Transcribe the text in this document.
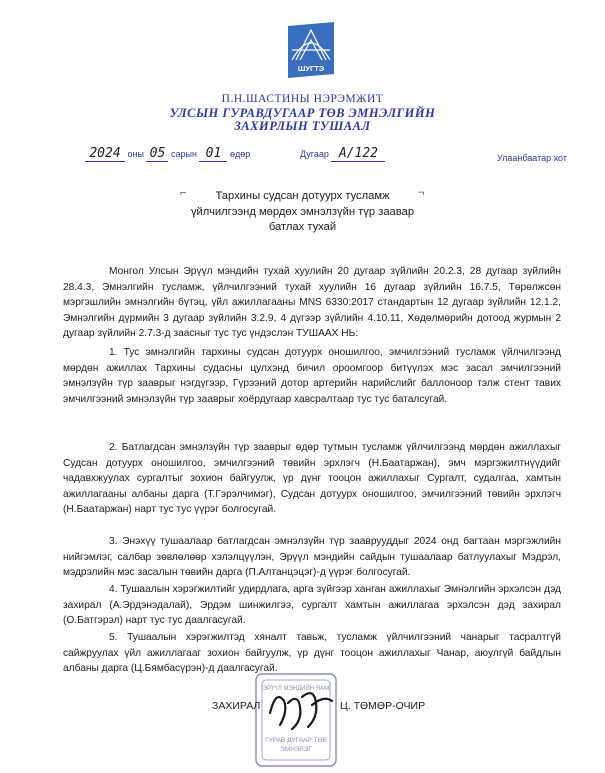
ШУГТЭ
П.Н.ШАСТИНЫ НЭРЭМЖИТ
УЛСЫН ГУРАВДУГААР ТӨВ ЭМНЭЛГИЙН
ЗАХИРЛЫН ТУШААЛ
2024 оны 05 сарын 01 өдөр	Дугаар А/122	Улаанбаатар хот
⌐	¬
Тархины судсан дотуурх тусламж
үйлчилгээнд мөрдөх эмнэлзүйн түр заавар
батлах тухай

Монгол Улсын Эрүүл мэндийн тухай хуулийн 20 дугаар зүйлийн 20.2.3, 28 дугаар зүйлийн 28.4.3, Эмнэлгийн тусламж, үйлчилгээний тухай хуулийн 16 дугаар зүйлийн 16.7.5, Төрөлжсөн мэргэшлийн эмнэлгийн бүтэц, үйл ажиллагааны MNS 6330:2017 стандартын 12 дугаар зүйлийн 12.1.2, Эмнэлгийн дүрмийн 3 дугаар зүйлийн 3.2.9, 4 дүгээр зүйлийн 4.10.11, Хөдөлмөрийн дотоод журмын 2 дугаар зүйлийн 2.7.3-д заасныг тус тус үндэслэн ТУШААХ НЬ:

1. Тус эмнэлгийн тархины судсан дотуурх оношилгоо, эмчилгээний тусламж үйлчилгээнд мөрдөн ажиллах Тархины судасны цулхэнд бичил ороомгоор битүүлэх мэс засал эмчилгээний эмнэлзүйн түр зааврыг нэгдүгээр, Гүрээний дотор артерийн нарийслийг баллоноор тэлж стент тавих эмчилгээний эмнэлзүйн түр зааврыг хоёрдугаар хавсралтаар тус тус баталсугай.

2. Батлагдсан эмнэлзүйн түр зааврыг өдөр тутмын тусламж үйлчилгээнд мөрдөн ажиллахыг Судсан дотуурх оношилгоо, эмчилгээний төвийн эрхлэгч (Н.Баатаржан), эмч мэргэжилтнүүдийг чадавхжуулах сургалтыг зохион байгуулж, үр дүнг тооцон ажиллахыг Сургалт, судалгаа, хамтын ажиллагааны албаны дарга (Т.Гэрэлчимэг), Судсан дотуурх оношилгоо, эмчилгээний төвийн эрхлэгч (Н.Баатаржан) нарт тус тус үүрэг болгосугай.

3. Энэхүү тушаалаар батлагдсан эмнэлзүйн түр зааврууддыг 2024 онд багтаан мэргэжлийн нийгэмлэг, салбар зөвлөлөөр хэлэлцүүлэн, Эрүүл мэндийн сайдын тушаалаар батлуулахыг Мэдрэл, мэдрэлийн мэс засалын төвийн дарга (П.Алтанцэцэг)-д үүрэг болгосугай.

4. Тушаалын хэрэгжилтийг удирдлага, арга зүйгээр ханган ажиллахыг Эмнэлгийн эрхэлсэн дэд захирал (А.Эрдэнэдалай), Эрдэм шинжилгээ, сургалт хамтын ажиллагаа эрхэлсэн дэд захирал (О.Батгэрэл) нарт тус тус даалгасугай.

5. Тушаалын хэрэгжилтэд хяналт тавьж, тусламж үйлчилгээний чанарыг тасралтгүй сайжруулах үйл ажиллагааг зохион байгуулж, үр дүнг тооцон ажиллахыг Чанар, аюулгүй байдлын албаны дарга (Ц.Бямбасүрэн)-д даалгасугай.

ЭРҮҮЛ МЭНДИЙН ЯАМ
ГУРАВ ДУГААР ТӨВ
ЭМНЭЛЭГ
ЗАХИРАЛ	Ц. ТӨМӨР-ОЧИР
